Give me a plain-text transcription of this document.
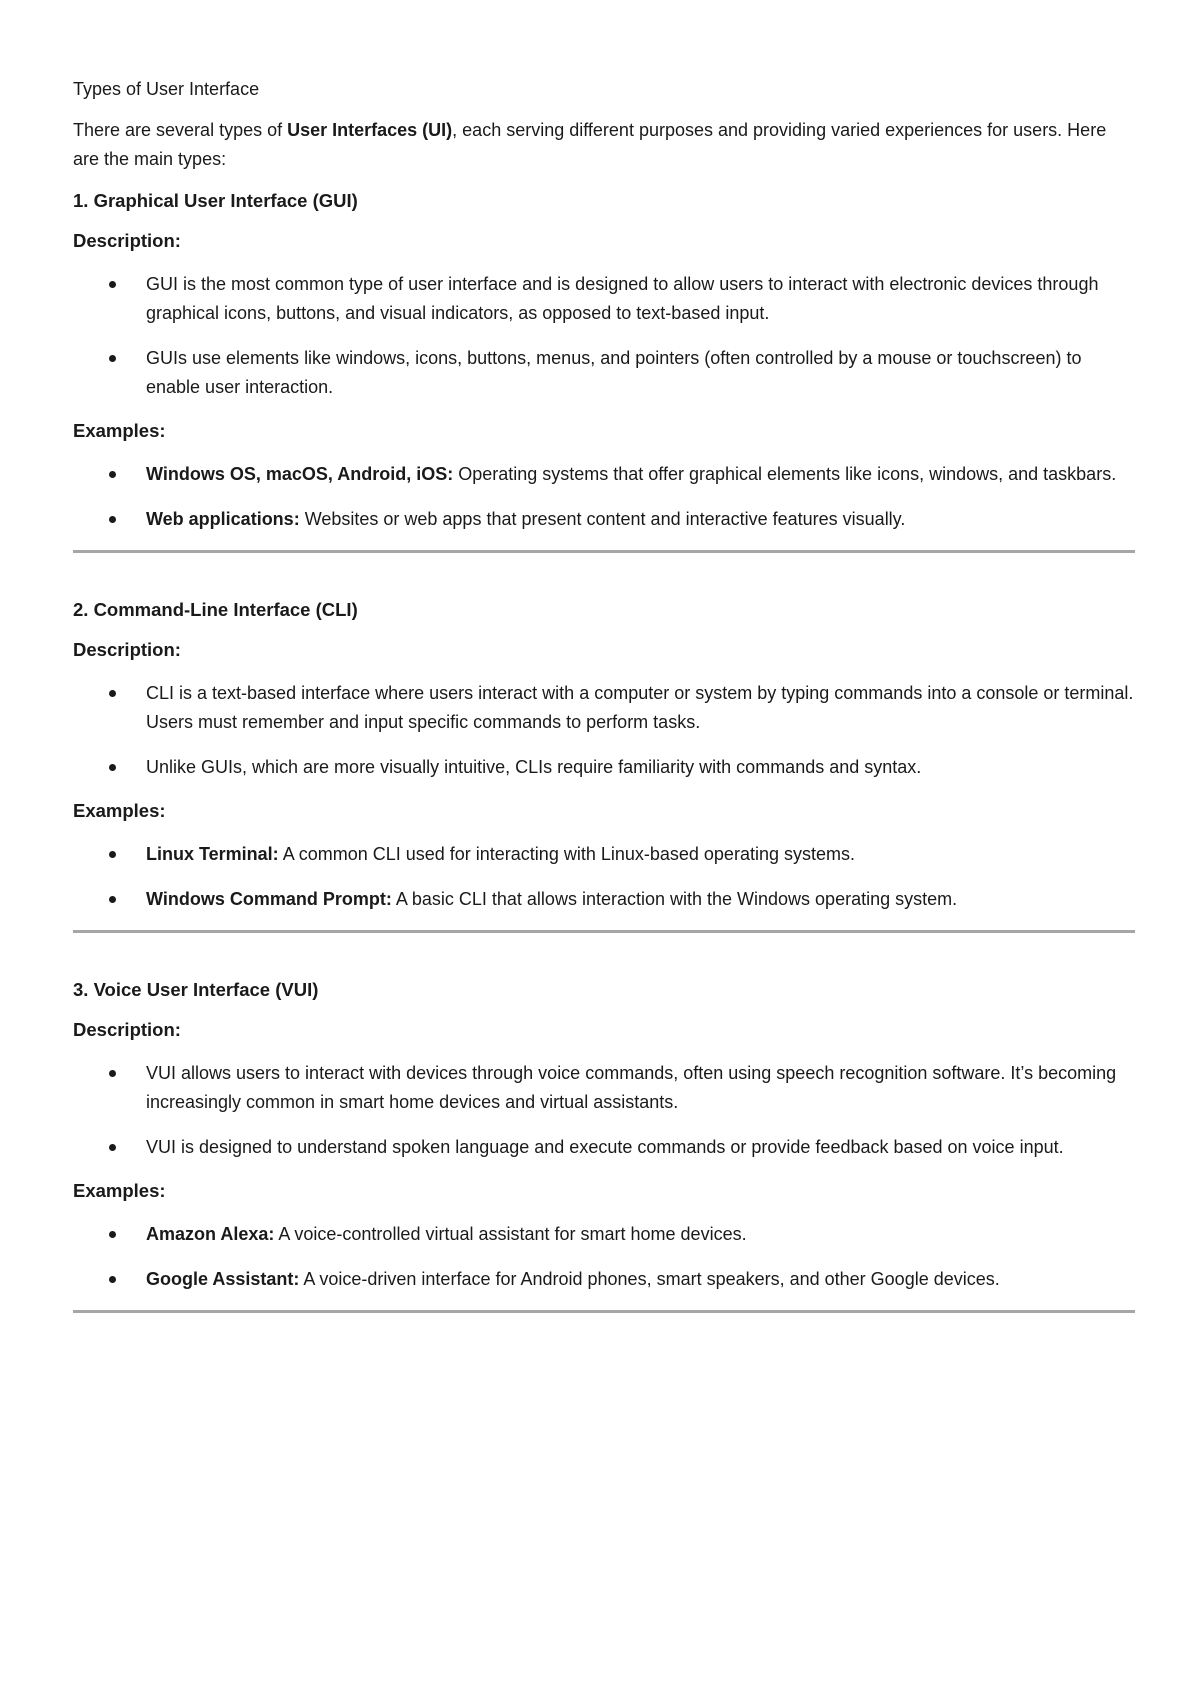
Types of User Interface

There are several types of User Interfaces (UI), each serving different purposes and providing varied experiences for users. Here are the main types:

1. Graphical User Interface (GUI)

Description:

GUI is the most common type of user interface and is designed to allow users to interact with electronic devices through graphical icons, buttons, and visual indicators, as opposed to text-based input.
GUIs use elements like windows, icons, buttons, menus, and pointers (often controlled by a mouse or touchscreen) to enable user interaction.

Examples:

Windows OS, macOS, Android, iOS: Operating systems that offer graphical elements like icons, windows, and taskbars.
Web applications: Websites or web apps that present content and interactive features visually.

2. Command-Line Interface (CLI)

Description:

CLI is a text-based interface where users interact with a computer or system by typing commands into a console or terminal. Users must remember and input specific commands to perform tasks.
Unlike GUIs, which are more visually intuitive, CLIs require familiarity with commands and syntax.

Examples:

Linux Terminal: A common CLI used for interacting with Linux-based operating systems.
Windows Command Prompt: A basic CLI that allows interaction with the Windows operating system.

3. Voice User Interface (VUI)

Description:

VUI allows users to interact with devices through voice commands, often using speech recognition software. It’s becoming increasingly common in smart home devices and virtual assistants.
VUI is designed to understand spoken language and execute commands or provide feedback based on voice input.

Examples:

Amazon Alexa: A voice-controlled virtual assistant for smart home devices.
Google Assistant: A voice-driven interface for Android phones, smart speakers, and other Google devices.
